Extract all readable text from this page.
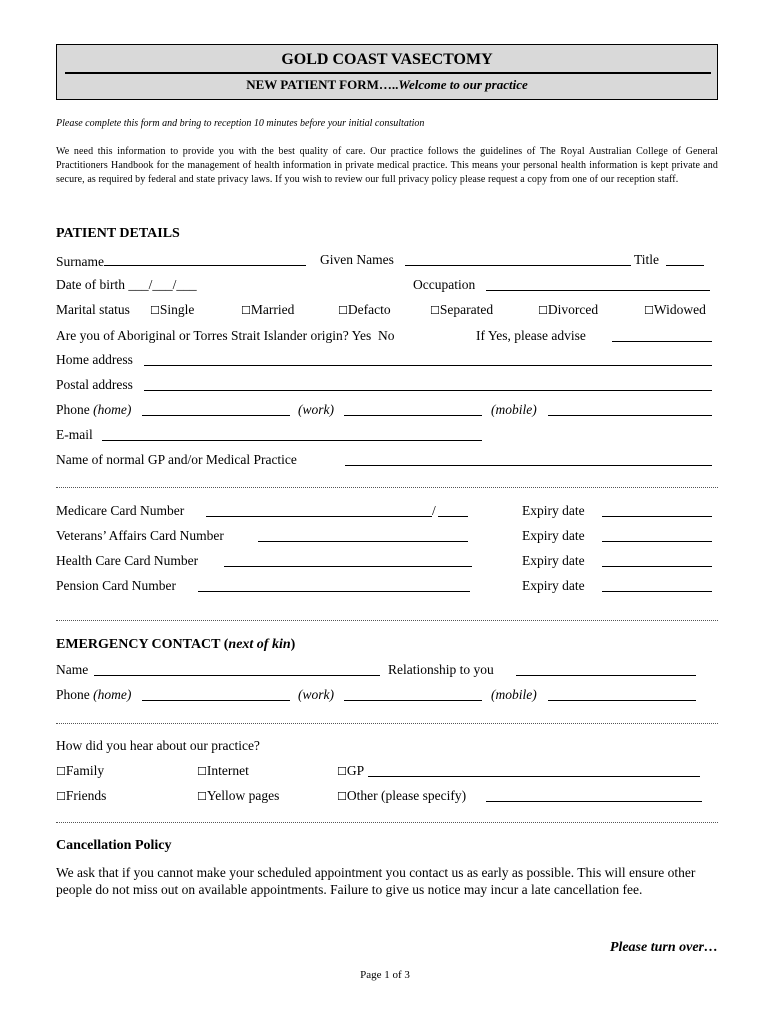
GOLD COAST VASECTOMY
NEW PATIENT FORM…..Welcome to our practice
Please complete this form and bring to reception 10 minutes before your initial consultation
We need this information to provide you with the best quality of care. Our practice follows the guidelines of The Royal Australian College of General Practitioners Handbook for the management of health information in private medical practice. This means your personal health information is kept private and secure, as required by federal and state privacy laws. If you wish to review our full privacy policy please request a copy from one of our reception staff.
PATIENT DETAILS
Surname	Given Names	Title
Date of birth ___/___/___	Occupation
Marital status ☐Single	☐Married	☐Defacto	☐Separated	☐Divorced	☐Widowed
Are you of Aboriginal or Torres Strait Islander origin? Yes  No	If Yes, please advise
Home address
Postal address
Phone (home)	(work)	(mobile)
E-mail
Name of normal GP and/or Medical Practice
Medicare Card Number	/	Expiry date
Veterans’ Affairs Card Number	Expiry date
Health Care Card Number	Expiry date
Pension Card Number	Expiry date
EMERGENCY CONTACT (next of kin)
Name	Relationship to you
Phone (home)	(work)	(mobile)
How did you hear about our practice?
☐Family	☐Internet	☐GP
☐Friends	☐Yellow pages	☐Other (please specify)
Cancellation Policy
We ask that if you cannot make your scheduled appointment you contact us as early as possible. This will ensure other people do not miss out on available appointments. Failure to give us notice may incur a late cancellation fee.
Please turn over…
Page 1 of 3
